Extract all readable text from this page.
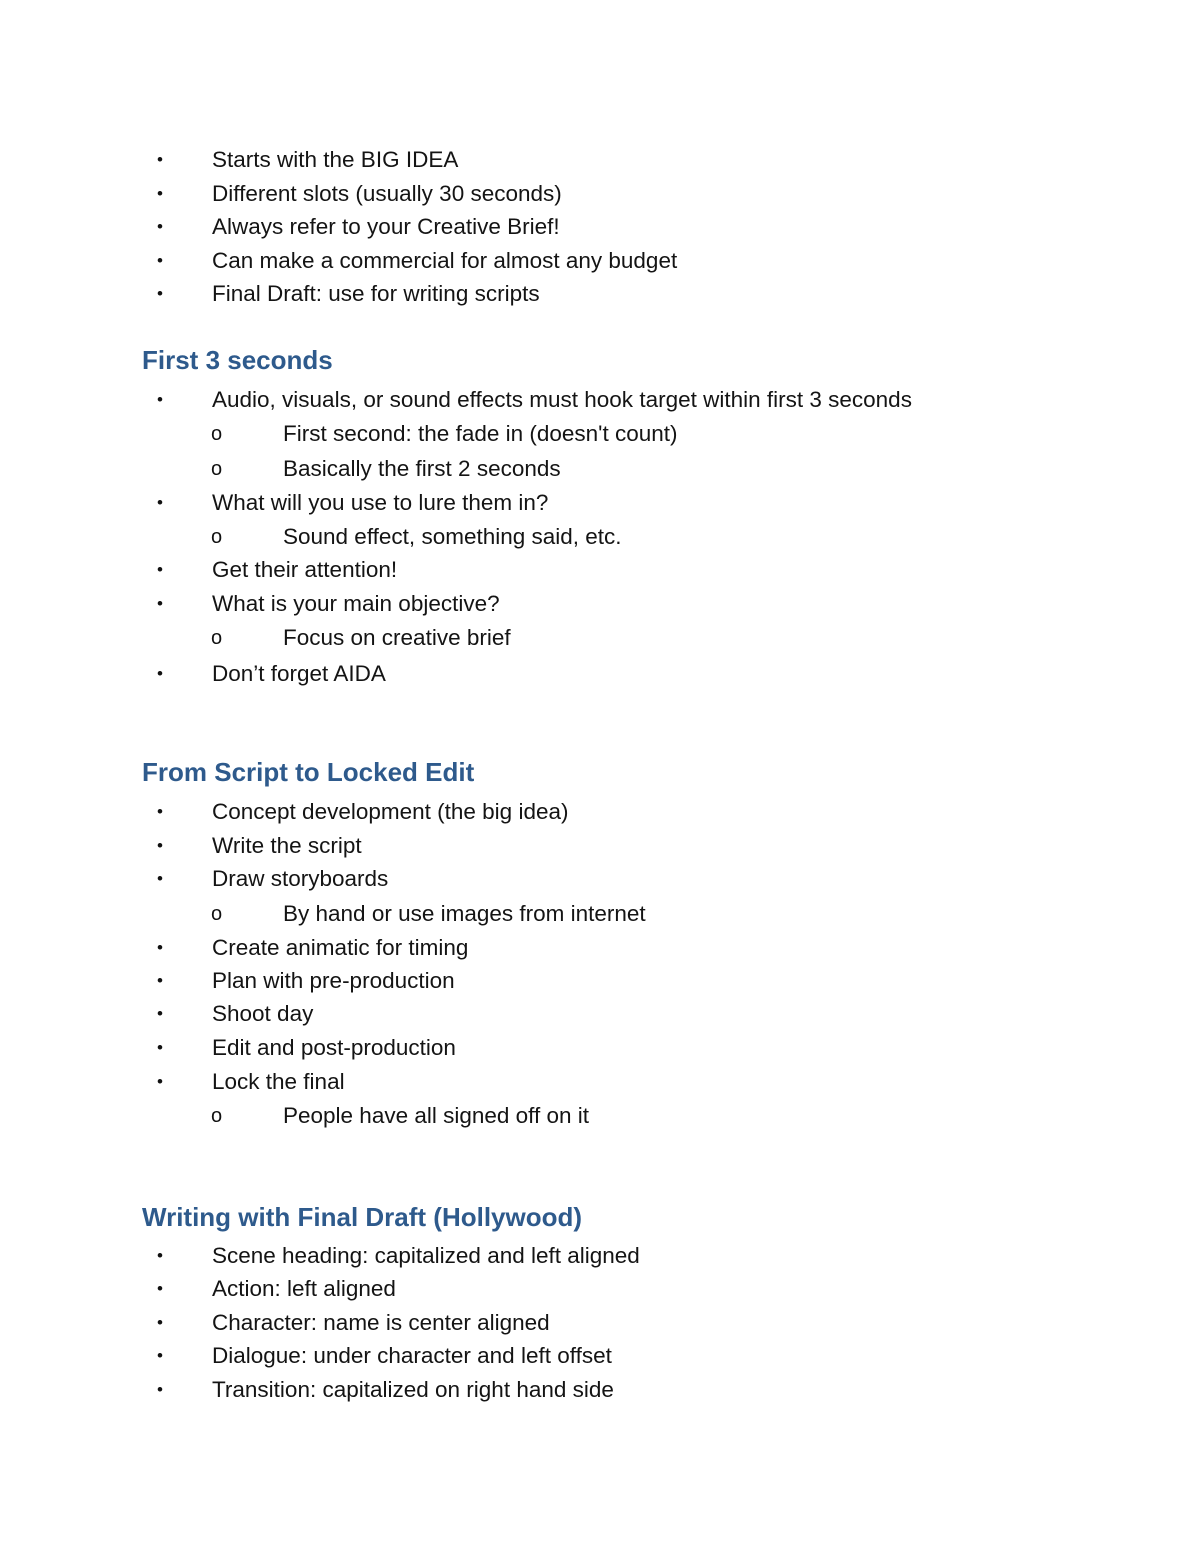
• Starts with the BIG IDEA
• Different slots (usually 30 seconds)
• Always refer to your Creative Brief!
• Can make a commercial for almost any budget
• Final Draft: use for writing scripts
First 3 seconds
• Audio, visuals, or sound effects must hook target within first 3 seconds
o	First second: the fade in (doesn't count)
o	Basically the first 2 seconds
• What will you use to lure them in?
o	Sound effect, something said, etc.
• Get their attention!
• What is your main objective?
o	Focus on creative brief
• Don’t forget AIDA
From Script to Locked Edit
• Concept development (the big idea)
• Write the script
• Draw storyboards
o	By hand or use images from internet
• Create animatic for timing
• Plan with pre-production
• Shoot day
• Edit and post-production
• Lock the final
o	People have all signed off on it
Writing with Final Draft (Hollywood)
• Scene heading: capitalized and left aligned
• Action: left aligned
• Character: name is center aligned
• Dialogue: under character and left offset
• Transition: capitalized on right hand side
